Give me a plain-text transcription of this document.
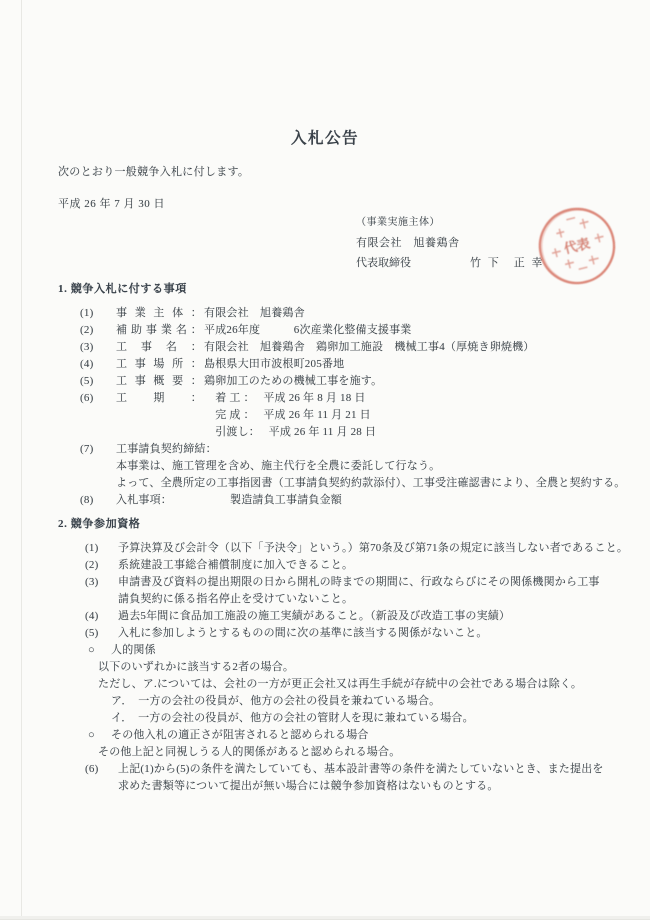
入札公告
次のとおり一般競争入札に付します。
平成 26 年 7 月 30 日
（事業実施主体）
有限会社　旭養鶏舎
代表取締役	竹 下　正 幸
代表
1. 競争入札に付する事項
(1)	事業主体： 有限会社　旭養鶏舎
(2)	補助事業名： 平成26年度　　　6次産業化整備支援事業
(3)	工事名： 有限会社　旭養鶏舎　鶏卵加工施設　機械工事4（厚焼き卵焼機）
(4)	工事場所： 島根県大田市波根町205番地
(5)	工事概要： 鶏卵加工のための機械工事を施す。
(6)	工期： 　着 工 ：　 平成 26 年 8 月 18 日
　完 成 ：　 平成 26 年 11 月 21 日
　引渡し：　 平成 26 年 11 月 28 日
(7)	工事請負契約締結：
本事業は、施工管理を含め、施主代行を全農に委託して行なう。
よって、全農所定の工事指図書（工事請負契約約款添付）、工事受注確認書により、全農と契約する。
(8)	入札事項： 　　　　　製造請負工事請負金額
2. 競争参加資格
(1)	予算決算及び会計令（以下「予決令」という。）第70条及び第71条の規定に該当しない者であること。
(2)	系統建設工事総合補償制度に加入できること。
(3)	申請書及び資料の提出期限の日から開札の時までの期間に、行政ならびにその関係機関から工事
請負契約に係る指名停止を受けていないこと。
(4)	過去5年間に食品加工施設の施工実績があること。（新設及び改造工事の実績）
(5)	入札に参加しようとするものの間に次の基準に該当する関係がないこと。
○	人的関係
以下のいずれかに該当する2者の場合。
ただし、ア.については、会社の一方が更正会社又は再生手続が存続中の会社である場合は除く。
ア．　一方の会社の役員が、他方の会社の役員を兼ねている場合。
イ．　一方の会社の役員が、他方の会社の管財人を現に兼ねている場合。
○	その他入札の適正さが阻害されると認められる場合
その他上記と同視しうる人的関係があると認められる場合。
(6)	上記(1)から(5)の条件を満たしていても、基本設計書等の条件を満たしていないとき、また提出を
求めた書類等について提出が無い場合には競争参加資格はないものとする。
